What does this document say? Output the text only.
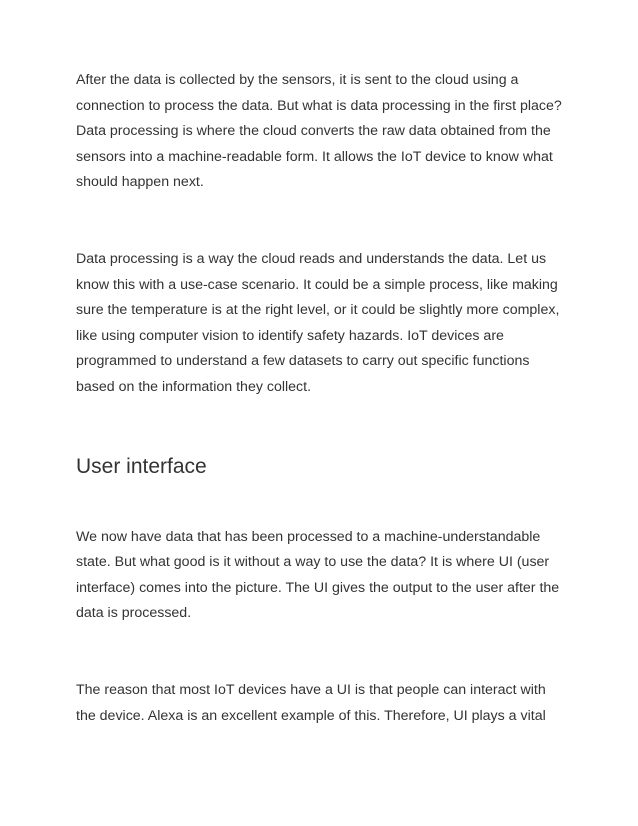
After the data is collected by the sensors, it is sent to the cloud using a
connection to process the data. But what is data processing in the first place?
Data processing is where the cloud converts the raw data obtained from the
sensors into a machine-readable form. It allows the IoT device to know what
should happen next.

Data processing is a way the cloud reads and understands the data. Let us
know this with a use-case scenario. It could be a simple process, like making
sure the temperature is at the right level, or it could be slightly more complex,
like using computer vision to identify safety hazards. IoT devices are
programmed to understand a few datasets to carry out specific functions
based on the information they collect.

User interface

We now have data that has been processed to a machine-understandable
state. But what good is it without a way to use the data? It is where UI (user
interface) comes into the picture. The UI gives the output to the user after the
data is processed.

The reason that most IoT devices have a UI is that people can interact with
the device. Alexa is an excellent example of this. Therefore, UI plays a vital
